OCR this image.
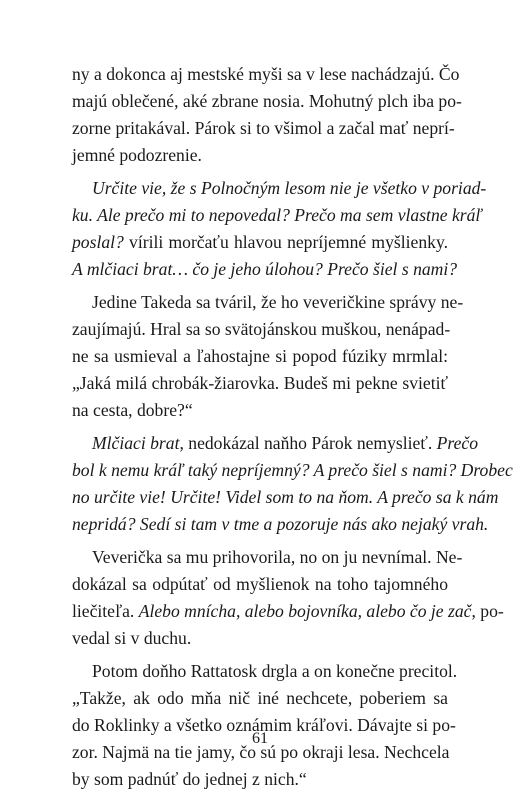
ny a dokonca aj mestské myši sa v lese nachádzajú. Čo
majú oblečené, aké zbrane nosia. Mohutný plch iba po-
zorne pritakával. Párok si to všimol a začal mať neprí-
jemné podozrenie.
Určite vie, že s Polnočným lesom nie je všetko v poriad-
ku. Ale prečo mi to nepovedal? Prečo ma sem vlastne kráľ
poslal? vírili morčaťu hlavou nepríjemné myšlienky.
A mlčiaci brat… čo je jeho úlohou? Prečo šiel s nami?
Jedine Takeda sa tváril, že ho veveričkine správy ne-
zaujímajú. Hral sa so svätojánskou muškou, nenápad-
ne sa usmieval a ľahostajne si popod fúziky mrmlal:
„Jaká milá chrobák-žiarovka. Budeš mi pekne svietiť
na cesta, dobre?“
Mlčiaci brat, nedokázal naňho Párok nemyslieť. Prečo
bol k nemu kráľ taký nepríjemný? A prečo šiel s nami? Drobec
no určite vie! Určite! Videl som to na ňom. A prečo sa k nám
nepridá? Sedí si tam v tme a pozoruje nás ako nejaký vrah.
Veverička sa mu prihovorila, no on ju nevnímal. Ne-
dokázal sa odpútať od myšlienok na toho tajomného
liečiteľa. Alebo mnícha, alebo bojovníka, alebo čo je zač, po-
vedal si v duchu.
Potom doňho Rattatosk drgla a on konečne precitol.
„Takže, ak odo mňa nič iné nechcete, poberiem sa
do Roklinky a všetko oznámim kráľovi. Dávajte si po-
zor. Najmä na tie jamy, čo sú po okraji lesa. Nechcela
by som padnúť do jednej z nich.“
61
